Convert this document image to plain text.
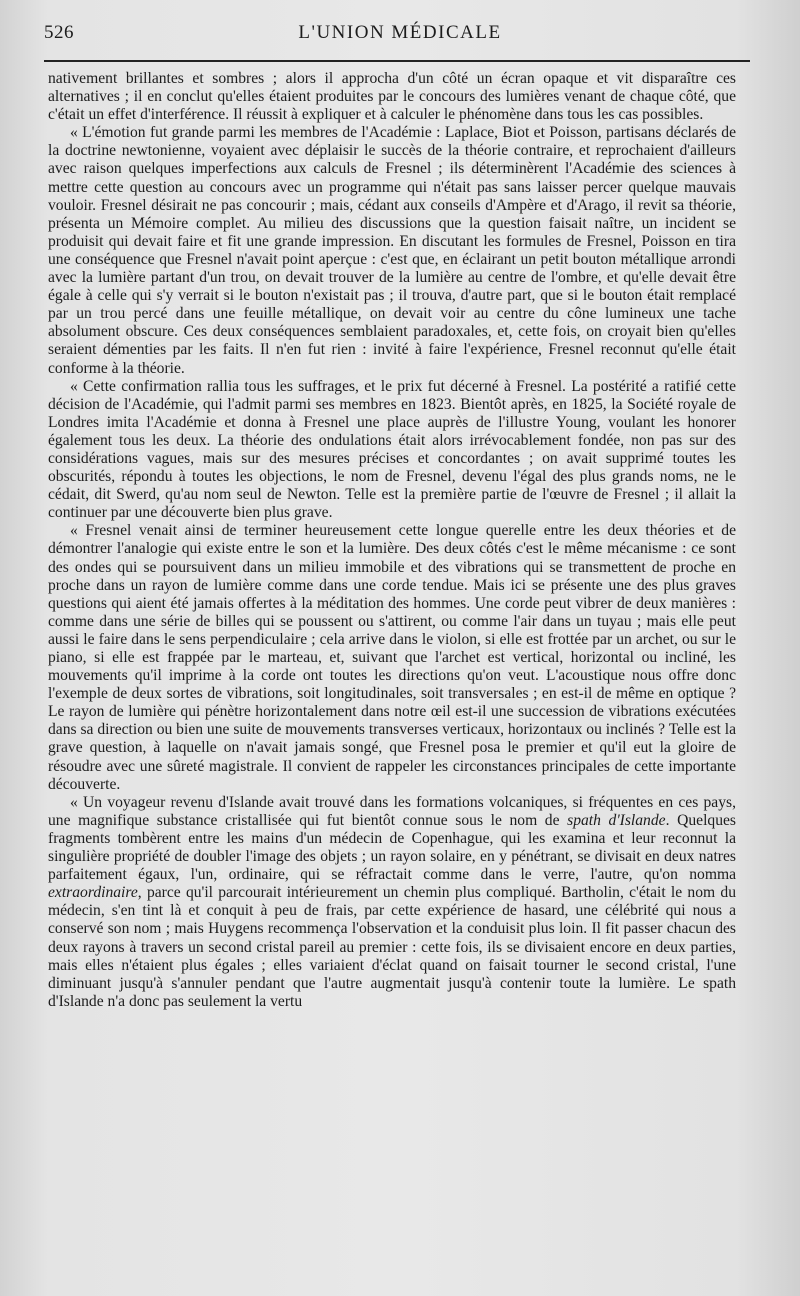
526	L'UNION MÉDICALE

nativement brillantes et sombres ; alors il approcha d'un côté un écran opaque et vit disparaître ces alternatives ; il en conclut qu'elles étaient produites par le concours des lumières venant de chaque côté, que c'était un effet d'interférence. Il réussit à expliquer et à calculer le phénomène dans tous les cas possibles.

« L'émotion fut grande parmi les membres de l'Académie : Laplace, Biot et Poisson, partisans déclarés de la doctrine newtonienne, voyaient avec déplaisir le succès de la théorie contraire, et reprochaient d'ailleurs avec raison quelques imperfections aux calculs de Fresnel ; ils déterminèrent l'Académie des sciences à mettre cette question au concours avec un programme qui n'était pas sans laisser percer quelque mauvais vouloir. Fresnel désirait ne pas concourir ; mais, cédant aux conseils d'Ampère et d'Arago, il revit sa théorie, présenta un Mémoire complet. Au milieu des discussions que la question faisait naître, un incident se produisit qui devait faire et fit une grande impression. En discutant les formules de Fresnel, Poisson en tira une conséquence que Fresnel n'avait point aperçue : c'est que, en éclairant un petit bouton métallique arrondi avec la lumière partant d'un trou, on devait trouver de la lumière au centre de l'ombre, et qu'elle devait être égale à celle qui s'y verrait si le bouton n'existait pas ; il trouva, d'autre part, que si le bouton était remplacé par un trou percé dans une feuille métallique, on devait voir au centre du cône lumineux une tache absolument obscure. Ces deux conséquences semblaient paradoxales, et, cette fois, on croyait bien qu'elles seraient démenties par les faits. Il n'en fut rien : invité à faire l'expérience, Fresnel reconnut qu'elle était conforme à la théorie.

« Cette confirmation rallia tous les suffrages, et le prix fut décerné à Fresnel. La postérité a ratifié cette décision de l'Académie, qui l'admit parmi ses membres en 1823. Bientôt après, en 1825, la Société royale de Londres imita l'Académie et donna à Fresnel une place auprès de l'illustre Young, voulant les honorer également tous les deux. La théorie des ondulations était alors irrévocablement fondée, non pas sur des considérations vagues, mais sur des mesures précises et concordantes ; on avait supprimé toutes les obscurités, répondu à toutes les objections, le nom de Fresnel, devenu l'égal des plus grands noms, ne le cédait, dit Swerd, qu'au nom seul de Newton. Telle est la première partie de l'œuvre de Fresnel ; il allait la continuer par une découverte bien plus grave.

« Fresnel venait ainsi de terminer heureusement cette longue querelle entre les deux théories et de démontrer l'analogie qui existe entre le son et la lumière. Des deux côtés c'est le même mécanisme : ce sont des ondes qui se poursuivent dans un milieu immobile et des vibrations qui se transmettent de proche en proche dans un rayon de lumière comme dans une corde tendue. Mais ici se présente une des plus graves questions qui aient été jamais offertes à la méditation des hommes. Une corde peut vibrer de deux manières : comme dans une série de billes qui se poussent ou s'attirent, ou comme l'air dans un tuyau ; mais elle peut aussi le faire dans le sens perpendiculaire ; cela arrive dans le violon, si elle est frottée par un archet, ou sur le piano, si elle est frappée par le marteau, et, suivant que l'archet est vertical, horizontal ou incliné, les mouvements qu'il imprime à la corde ont toutes les directions qu'on veut. L'acoustique nous offre donc l'exemple de deux sortes de vibrations, soit longitudinales, soit transversales ; en est-il de même en optique ? Le rayon de lumière qui pénètre horizontalement dans notre œil est-il une succession de vibrations exécutées dans sa direction ou bien une suite de mouvements transverses verticaux, horizontaux ou inclinés ? Telle est la grave question, à laquelle on n'avait jamais songé, que Fresnel posa le premier et qu'il eut la gloire de résoudre avec une sûreté magistrale. Il convient de rappeler les circonstances principales de cette importante découverte.

« Un voyageur revenu d'Islande avait trouvé dans les formations volcaniques, si fréquentes en ces pays, une magnifique substance cristallisée qui fut bientôt connue sous le nom de spath d'Islande. Quelques fragments tombèrent entre les mains d'un médecin de Copenhague, qui les examina et leur reconnut la singulière propriété de doubler l'image des objets ; un rayon solaire, en y pénétrant, se divisait en deux natres parfaitement égaux, l'un, ordinaire, qui se réfractait comme dans le verre, l'autre, qu'on nomma extraordinaire, parce qu'il parcourait intérieurement un chemin plus compliqué. Bartholin, c'était le nom du médecin, s'en tint là et conquit à peu de frais, par cette expérience de hasard, une célébrité qui nous a conservé son nom ; mais Huygens recommença l'observation et la conduisit plus loin. Il fit passer chacun des deux rayons à travers un second cristal pareil au premier : cette fois, ils se divisaient encore en deux parties, mais elles n'étaient plus égales ; elles variaient d'éclat quand on faisait tourner le second cristal, l'une diminuant jusqu'à s'annuler pendant que l'autre augmentait jusqu'à contenir toute la lumière. Le spath d'Islande n'a donc pas seulement la vertu
